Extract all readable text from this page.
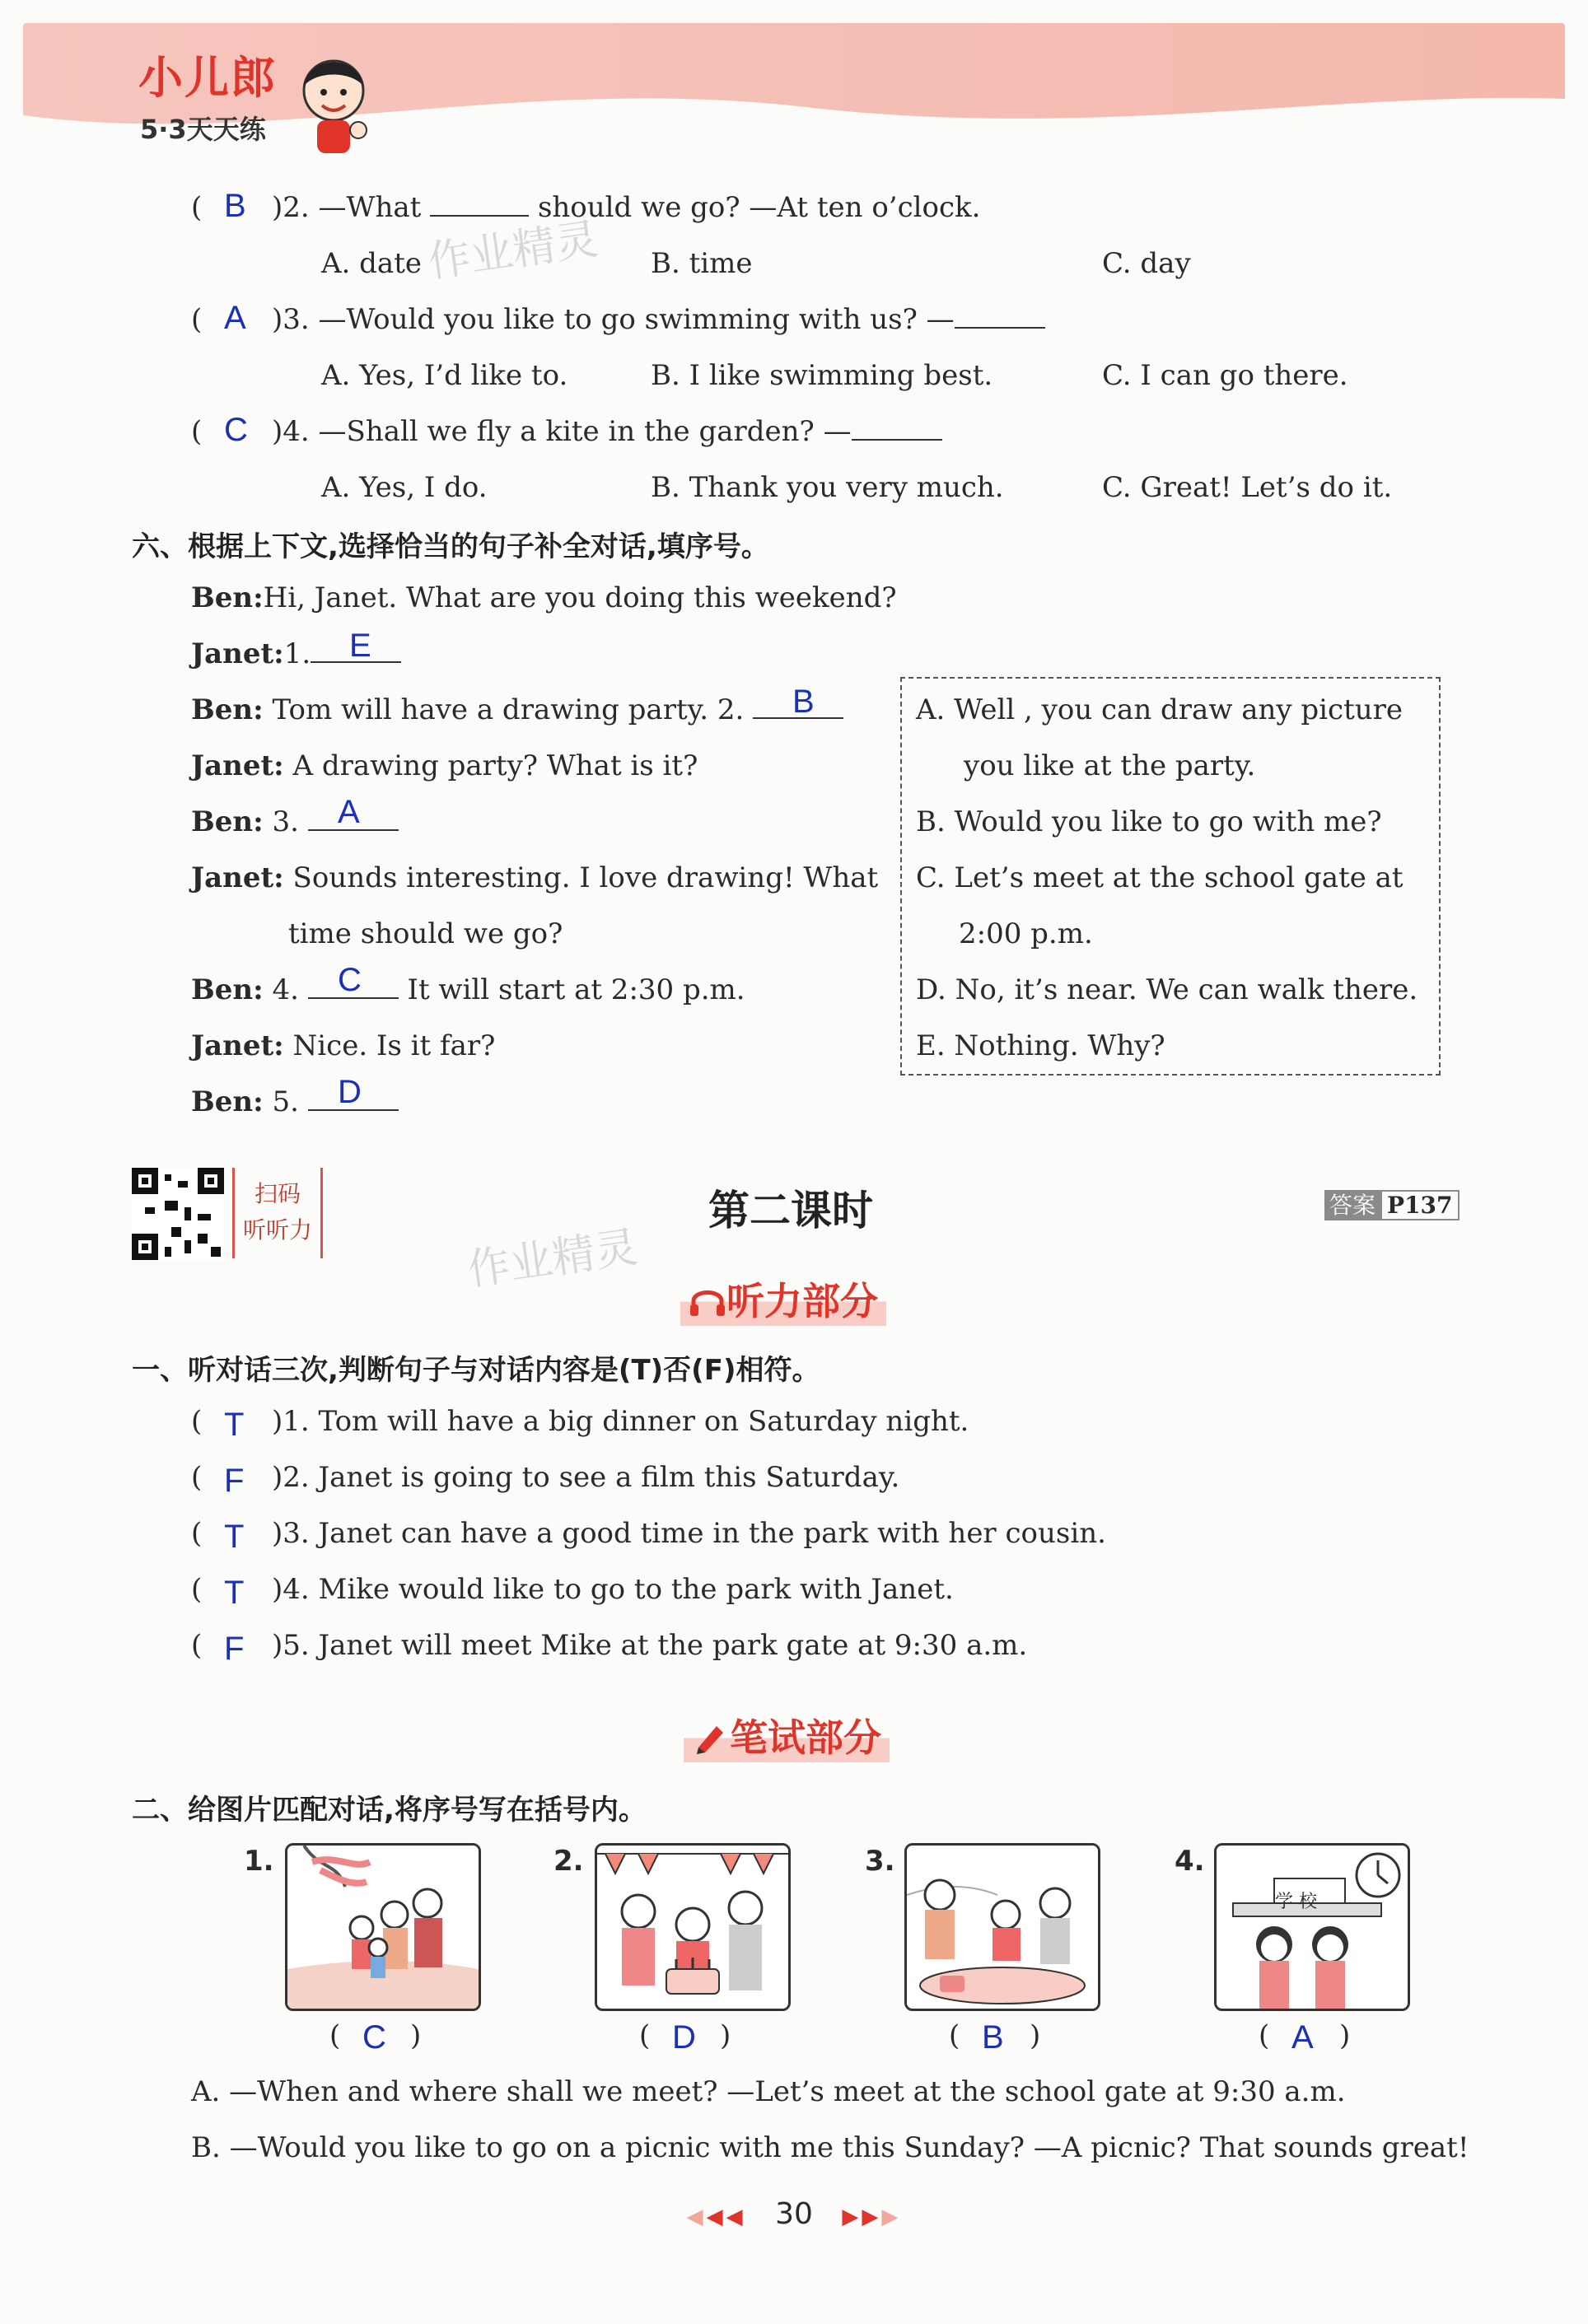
小儿郎
5·3天天练
( B )2. —What	should we go? —At ten o’clock.
A. date	B. time	C. day
( A )3. —Would you like to go swimming with us? —
A. Yes, I’d like to.	B. I like swimming best.	C. I can go there.
( C )4. —Shall we fly a kite in the garden? —
A. Yes, I do.	B. Thank you very much.	C. Great! Let’s do it.
作业精灵
六、根据上下文,选择恰当的句子补全对话,填序号。
Ben:Hi, Janet. What are you doing this weekend?
Janet:1.	E
Ben: Tom will have a drawing party. 2.	B
Janet: A drawing party? What is it?
Ben: 3.	A
Janet: Sounds interesting. I love drawing! What
time should we go?
Ben: 4.	It will start at 2:30 p.m.
C
Janet: Nice. Is it far?
Ben: 5.	D
A. Well , you can draw any picture
you like at the party.
B. Would you like to go with me?
C. Let’s meet at the school gate at
2:00 p.m.
D. No, it’s near. We can walk there.
E. Nothing. Why?
扫码
听听力	第二课时	答案 P137
作业精灵
听力部分
一、听对话三次,判断句子与对话内容是(T)否(F)相符。
( T )1. Tom will have a big dinner on Saturday night.
( F )2. Janet is going to see a film this Saturday.
( T )3. Janet can have a good time in the park with her cousin.
( T )4. Mike would like to go to the park with Janet.
( F )5. Janet will meet Mike at the park gate at 9:30 a.m.
笔试部分
二、给图片匹配对话,将序号写在括号内。
1.
( C )
2.
( D )
3.
( B )
4.
学 校
( A )
A. —When and where shall we meet? —Let’s meet at the school gate at 9:30 a.m.
B. —Would you like to go on a picnic with me this Sunday? —A picnic? That sounds great!
◀◀◀ 30 ▶▶▶
